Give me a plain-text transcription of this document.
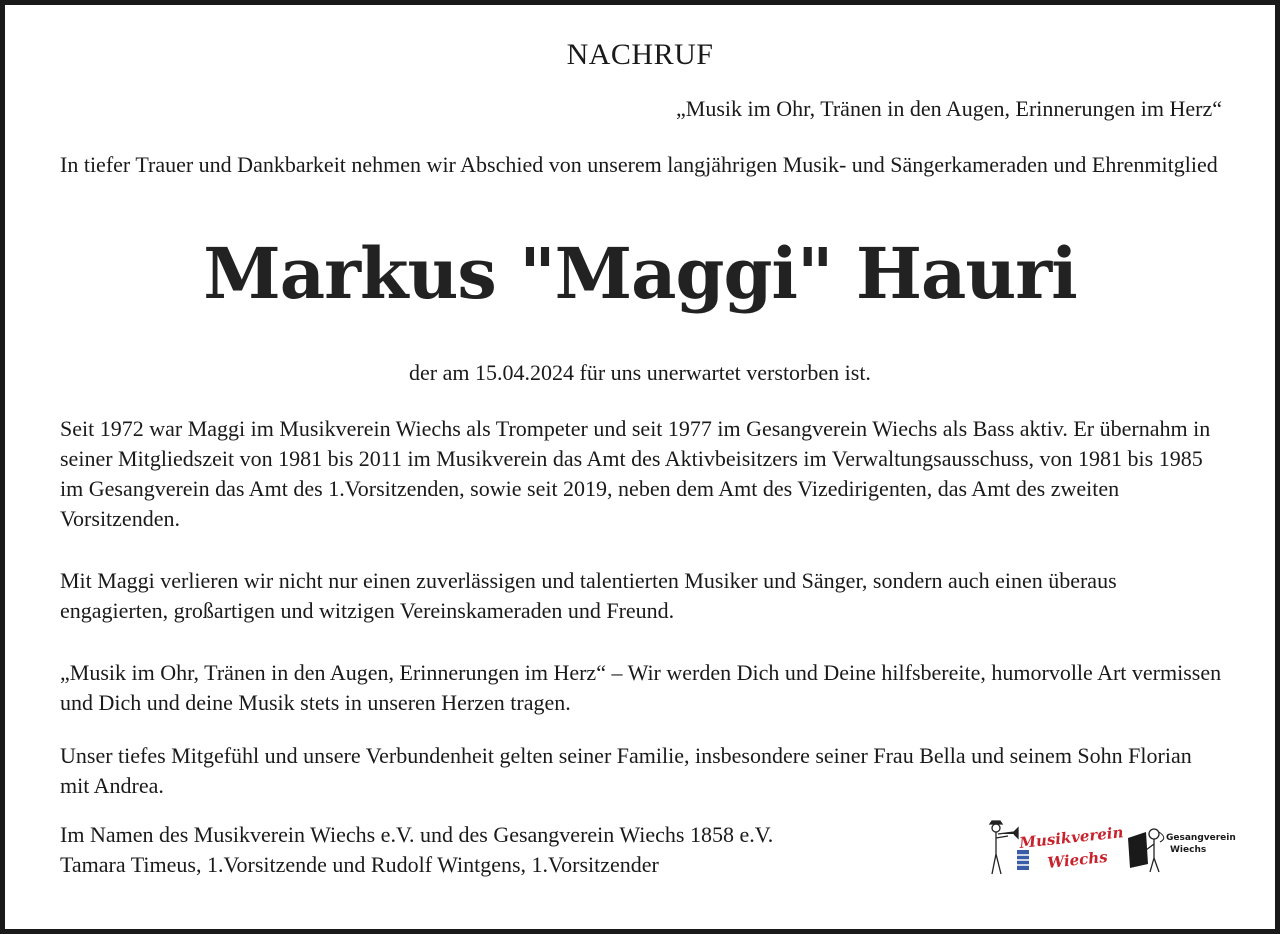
NACHRUF
„Musik im Ohr, Tränen in den Augen, Erinnerungen im Herz“
In tiefer Trauer und Dankbarkeit nehmen wir Abschied von unserem langjährigen Musik- und Sängerkameraden und Ehrenmitglied
Markus "Maggi" Hauri
der am 15.04.2024 für uns unerwartet verstorben ist.
Seit 1972 war Maggi im Musikverein Wiechs als Trompeter und seit 1977 im Gesangverein Wiechs als Bass aktiv. Er übernahm in seiner Mitgliedszeit von 1981 bis 2011 im Musikverein das Amt des Aktivbeisitzers im Verwaltungsausschuss, von 1981 bis 1985 im Gesangverein das Amt des 1.Vorsitzenden, sowie seit 2019, neben dem Amt des Vizedirigenten, das Amt des zweiten Vorsitzenden.
Mit Maggi verlieren wir nicht nur einen zuverlässigen und talentierten Musiker und Sänger, sondern auch einen überaus engagierten, großartigen und witzigen Vereinskameraden und Freund.
„Musik im Ohr, Tränen in den Augen, Erinnerungen im Herz“ – Wir werden Dich und Deine hilfsbereite, humorvolle Art vermissen und Dich und deine Musik stets in unseren Herzen tragen.
Unser tiefes Mitgefühl und unsere Verbundenheit gelten seiner Familie, insbesondere seiner Frau Bella und seinem Sohn Florian mit Andrea.
Im Namen des Musikverein Wiechs e.V. und des Gesangverein Wiechs 1858 e.V.
Tamara Timeus, 1.Vorsitzende und Rudolf Wintgens, 1.Vorsitzender
Musikverein
Wiechs
Gesangverein
Wiechs
